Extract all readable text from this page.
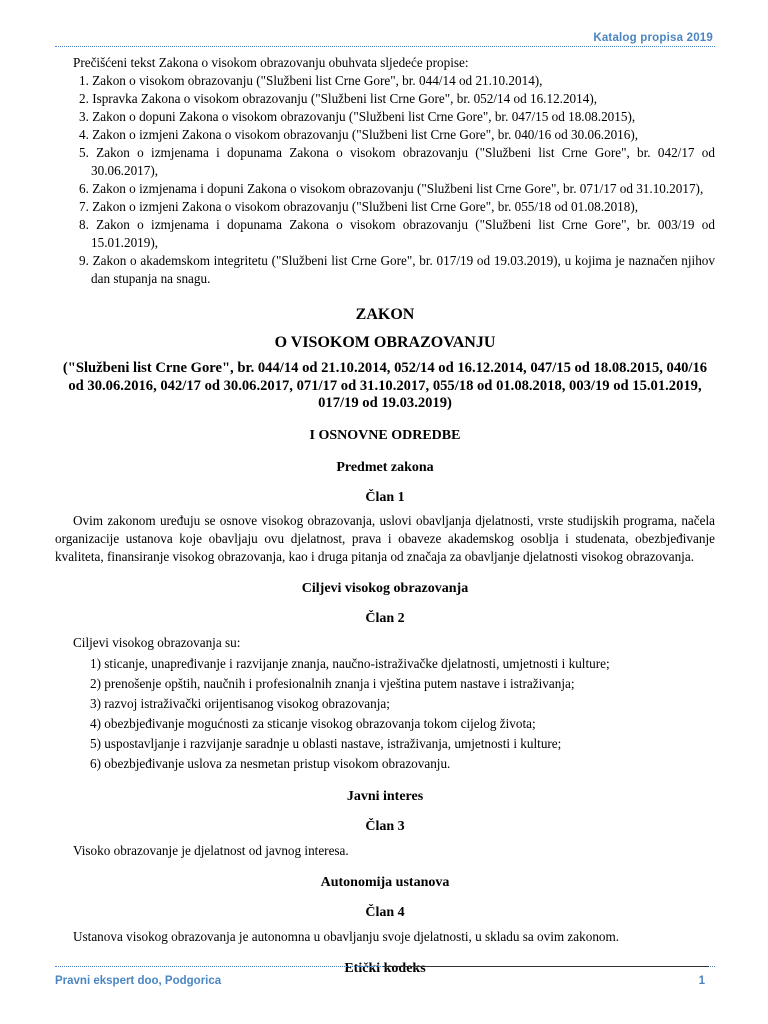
Katalog propisa 2019
Prečišćeni tekst Zakona o visokom obrazovanju obuhvata sljedeće propise:
1. Zakon o visokom obrazovanju ("Službeni list Crne Gore", br. 044/14 od 21.10.2014),
2. Ispravka Zakona o visokom obrazovanju ("Službeni list Crne Gore", br. 052/14 od 16.12.2014),
3. Zakon o dopuni Zakona o visokom obrazovanju ("Službeni list Crne Gore", br. 047/15 od 18.08.2015),
4. Zakon o izmjeni Zakona o visokom obrazovanju ("Službeni list Crne Gore", br. 040/16 od 30.06.2016),
5. Zakon o izmjenama i dopunama Zakona o visokom obrazovanju ("Službeni list Crne Gore", br. 042/17 od 30.06.2017),
6. Zakon o izmjenama i dopuni Zakona o visokom obrazovanju ("Službeni list Crne Gore", br. 071/17 od 31.10.2017),
7. Zakon o izmjeni Zakona o visokom obrazovanju ("Službeni list Crne Gore", br. 055/18 od 01.08.2018),
8. Zakon o izmjenama i dopunama Zakona o visokom obrazovanju ("Službeni list Crne Gore", br. 003/19 od 15.01.2019),
9. Zakon o akademskom integritetu ("Službeni list Crne Gore", br. 017/19 od 19.03.2019), u kojima je naznačen njihov dan stupanja na snagu.
ZAKON
O VISOKOM OBRAZOVANJU
("Službeni list Crne Gore", br. 044/14 od 21.10.2014, 052/14 od 16.12.2014, 047/15 od 18.08.2015, 040/16 od 30.06.2016, 042/17 od 30.06.2017, 071/17 od 31.10.2017, 055/18 od 01.08.2018, 003/19 od 15.01.2019, 017/19 od 19.03.2019)
I OSNOVNE ODREDBE
Predmet zakona
Član 1
Ovim zakonom uređuju se osnove visokog obrazovanja, uslovi obavljanja djelatnosti, vrste studijskih programa, načela organizacije ustanova koje obavljaju ovu djelatnost, prava i obaveze akademskog osoblja i studenata, obezbjeđivanje kvaliteta, finansiranje visokog obrazovanja, kao i druga pitanja od značaja za obavljanje djelatnosti visokog obrazovanja.
Ciljevi visokog obrazovanja
Član 2
Ciljevi visokog obrazovanja su:
1) sticanje, unapređivanje i razvijanje znanja, naučno-istraživačke djelatnosti, umjetnosti i kulture;
2) prenošenje opštih, naučnih i profesionalnih znanja i vještina putem nastave i istraživanja;
3) razvoj istraživački orijentisanog visokog obrazovanja;
4) obezbjeđivanje mogućnosti za sticanje visokog obrazovanja tokom cijelog života;
5) uspostavljanje i razvijanje saradnje u oblasti nastave, istraživanja, umjetnosti i kulture;
6) obezbjeđivanje uslova za nesmetan pristup visokom obrazovanju.
Javni interes
Član 3
Visoko obrazovanje je djelatnost od javnog interesa.
Autonomija ustanova
Član 4
Ustanova visokog obrazovanja je autonomna u obavljanju svoje djelatnosti, u skladu sa ovim zakonom.
Etički kodeks
Pravni ekspert doo, Podgorica	1
